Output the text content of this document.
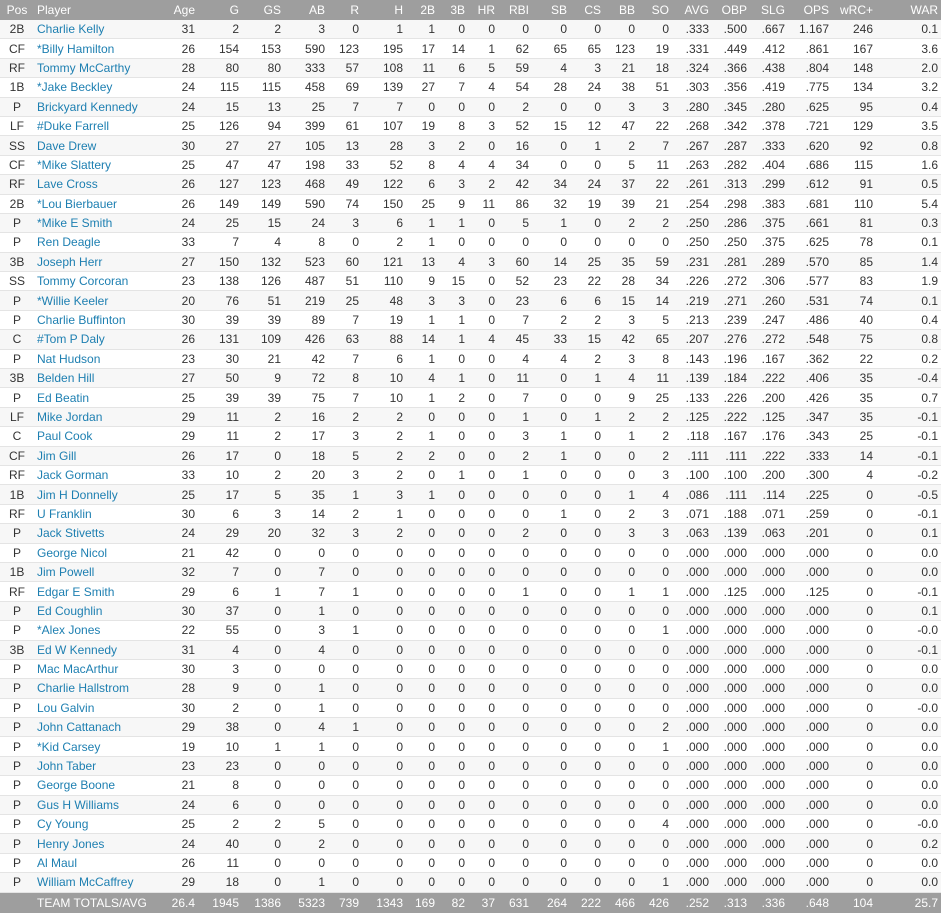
Pos	Player	Age	G	GS	AB	R	H	2B	3B	HR	RBI	SB	CS	BB	SO	AVG	OBP	SLG	OPS	wRC+	WAR
2B	Charlie Kelly	31	2	2	3	0	1	1	0	0	0	0	0	0	0	.333	.500	.667	1.167	246	0.1
CF	*Billy Hamilton	26	154	153	590	123	195	17	14	1	62	65	65	123	19	.331	.449	.412	.861	167	3.6
RF	Tommy McCarthy	28	80	80	333	57	108	11	6	5	59	4	3	21	18	.324	.366	.438	.804	148	2.0
1B	*Jake Beckley	24	115	115	458	69	139	27	7	4	54	28	24	38	51	.303	.356	.419	.775	134	3.2
P	Brickyard Kennedy	24	15	13	25	7	7	0	0	0	2	0	0	3	3	.280	.345	.280	.625	95	0.4
LF	#Duke Farrell	25	126	94	399	61	107	19	8	3	52	15	12	47	22	.268	.342	.378	.721	129	3.5
SS	Dave Drew	30	27	27	105	13	28	3	2	0	16	0	1	2	7	.267	.287	.333	.620	92	0.8
CF	*Mike Slattery	25	47	47	198	33	52	8	4	4	34	0	0	5	11	.263	.282	.404	.686	115	1.6
RF	Lave Cross	26	127	123	468	49	122	6	3	2	42	34	24	37	22	.261	.313	.299	.612	91	0.5
2B	*Lou Bierbauer	26	149	149	590	74	150	25	9	11	86	32	19	39	21	.254	.298	.383	.681	110	5.4
P	*Mike E Smith	24	25	15	24	3	6	1	1	0	5	1	0	2	2	.250	.286	.375	.661	81	0.3
P	Ren Deagle	33	7	4	8	0	2	1	0	0	0	0	0	0	0	.250	.250	.375	.625	78	0.1
3B	Joseph Herr	27	150	132	523	60	121	13	4	3	60	14	25	35	59	.231	.281	.289	.570	85	1.4
SS	Tommy Corcoran	23	138	126	487	51	110	9	15	0	52	23	22	28	34	.226	.272	.306	.577	83	1.9
P	*Willie Keeler	20	76	51	219	25	48	3	3	0	23	6	6	15	14	.219	.271	.260	.531	74	0.1
P	Charlie Buffinton	30	39	39	89	7	19	1	1	0	7	2	2	3	5	.213	.239	.247	.486	40	0.4
C	#Tom P Daly	26	131	109	426	63	88	14	1	4	45	33	15	42	65	.207	.276	.272	.548	75	0.8
P	Nat Hudson	23	30	21	42	7	6	1	0	0	4	4	2	3	8	.143	.196	.167	.362	22	0.2
3B	Belden Hill	27	50	9	72	8	10	4	1	0	11	0	1	4	11	.139	.184	.222	.406	35	-0.4
P	Ed Beatin	25	39	39	75	7	10	1	2	0	7	0	0	9	25	.133	.226	.200	.426	35	0.7
LF	Mike Jordan	29	11	2	16	2	2	0	0	0	1	0	1	2	2	.125	.222	.125	.347	35	-0.1
C	Paul Cook	29	11	2	17	3	2	1	0	0	3	1	0	1	2	.118	.167	.176	.343	25	-0.1
CF	Jim Gill	26	17	0	18	5	2	2	0	0	2	1	0	0	2	.111	.111	.222	.333	14	-0.1
RF	Jack Gorman	33	10	2	20	3	2	0	1	0	1	0	0	0	3	.100	.100	.200	.300	4	-0.2
1B	Jim H Donnelly	25	17	5	35	1	3	1	0	0	0	0	0	1	4	.086	.111	.114	.225	0	-0.5
RF	U Franklin	30	6	3	14	2	1	0	0	0	0	1	0	2	3	.071	.188	.071	.259	0	-0.1
P	Jack Stivetts	24	29	20	32	3	2	0	0	0	2	0	0	3	3	.063	.139	.063	.201	0	0.1
P	George Nicol	21	42	0	0	0	0	0	0	0	0	0	0	0	0	.000	.000	.000	.000	0	0.0
1B	Jim Powell	32	7	0	7	0	0	0	0	0	0	0	0	0	0	.000	.000	.000	.000	0	0.0
RF	Edgar E Smith	29	6	1	7	1	0	0	0	0	1	0	0	1	1	.000	.125	.000	.125	0	-0.1
P	Ed Coughlin	30	37	0	1	0	0	0	0	0	0	0	0	0	0	.000	.000	.000	.000	0	0.1
P	*Alex Jones	22	55	0	3	1	0	0	0	0	0	0	0	0	1	.000	.000	.000	.000	0	-0.0
3B	Ed W Kennedy	31	4	0	4	0	0	0	0	0	0	0	0	0	0	.000	.000	.000	.000	0	-0.1
P	Mac MacArthur	30	3	0	0	0	0	0	0	0	0	0	0	0	0	.000	.000	.000	.000	0	0.0
P	Charlie Hallstrom	28	9	0	1	0	0	0	0	0	0	0	0	0	0	.000	.000	.000	.000	0	0.0
P	Lou Galvin	30	2	0	1	0	0	0	0	0	0	0	0	0	0	.000	.000	.000	.000	0	-0.0
P	John Cattanach	29	38	0	4	1	0	0	0	0	0	0	0	0	2	.000	.000	.000	.000	0	0.0
P	*Kid Carsey	19	10	1	1	0	0	0	0	0	0	0	0	0	1	.000	.000	.000	.000	0	0.0
P	John Taber	23	23	0	0	0	0	0	0	0	0	0	0	0	0	.000	.000	.000	.000	0	0.0
P	George Boone	21	8	0	0	0	0	0	0	0	0	0	0	0	0	.000	.000	.000	.000	0	0.0
P	Gus H Williams	24	6	0	0	0	0	0	0	0	0	0	0	0	0	.000	.000	.000	.000	0	0.0
P	Cy Young	25	2	2	5	0	0	0	0	0	0	0	0	0	4	.000	.000	.000	.000	0	-0.0
P	Henry Jones	24	40	0	2	0	0	0	0	0	0	0	0	0	0	.000	.000	.000	.000	0	0.2
P	Al Maul	26	11	0	0	0	0	0	0	0	0	0	0	0	0	.000	.000	.000	.000	0	0.0
P	William McCaffrey	29	18	0	1	0	0	0	0	0	0	0	0	0	1	.000	.000	.000	.000	0	0.0
	TEAM TOTALS/AVG	26.4	1945	1386	5323	739	1343	169	82	37	631	264	222	466	426	.252	.313	.336	.648	104	25.7
